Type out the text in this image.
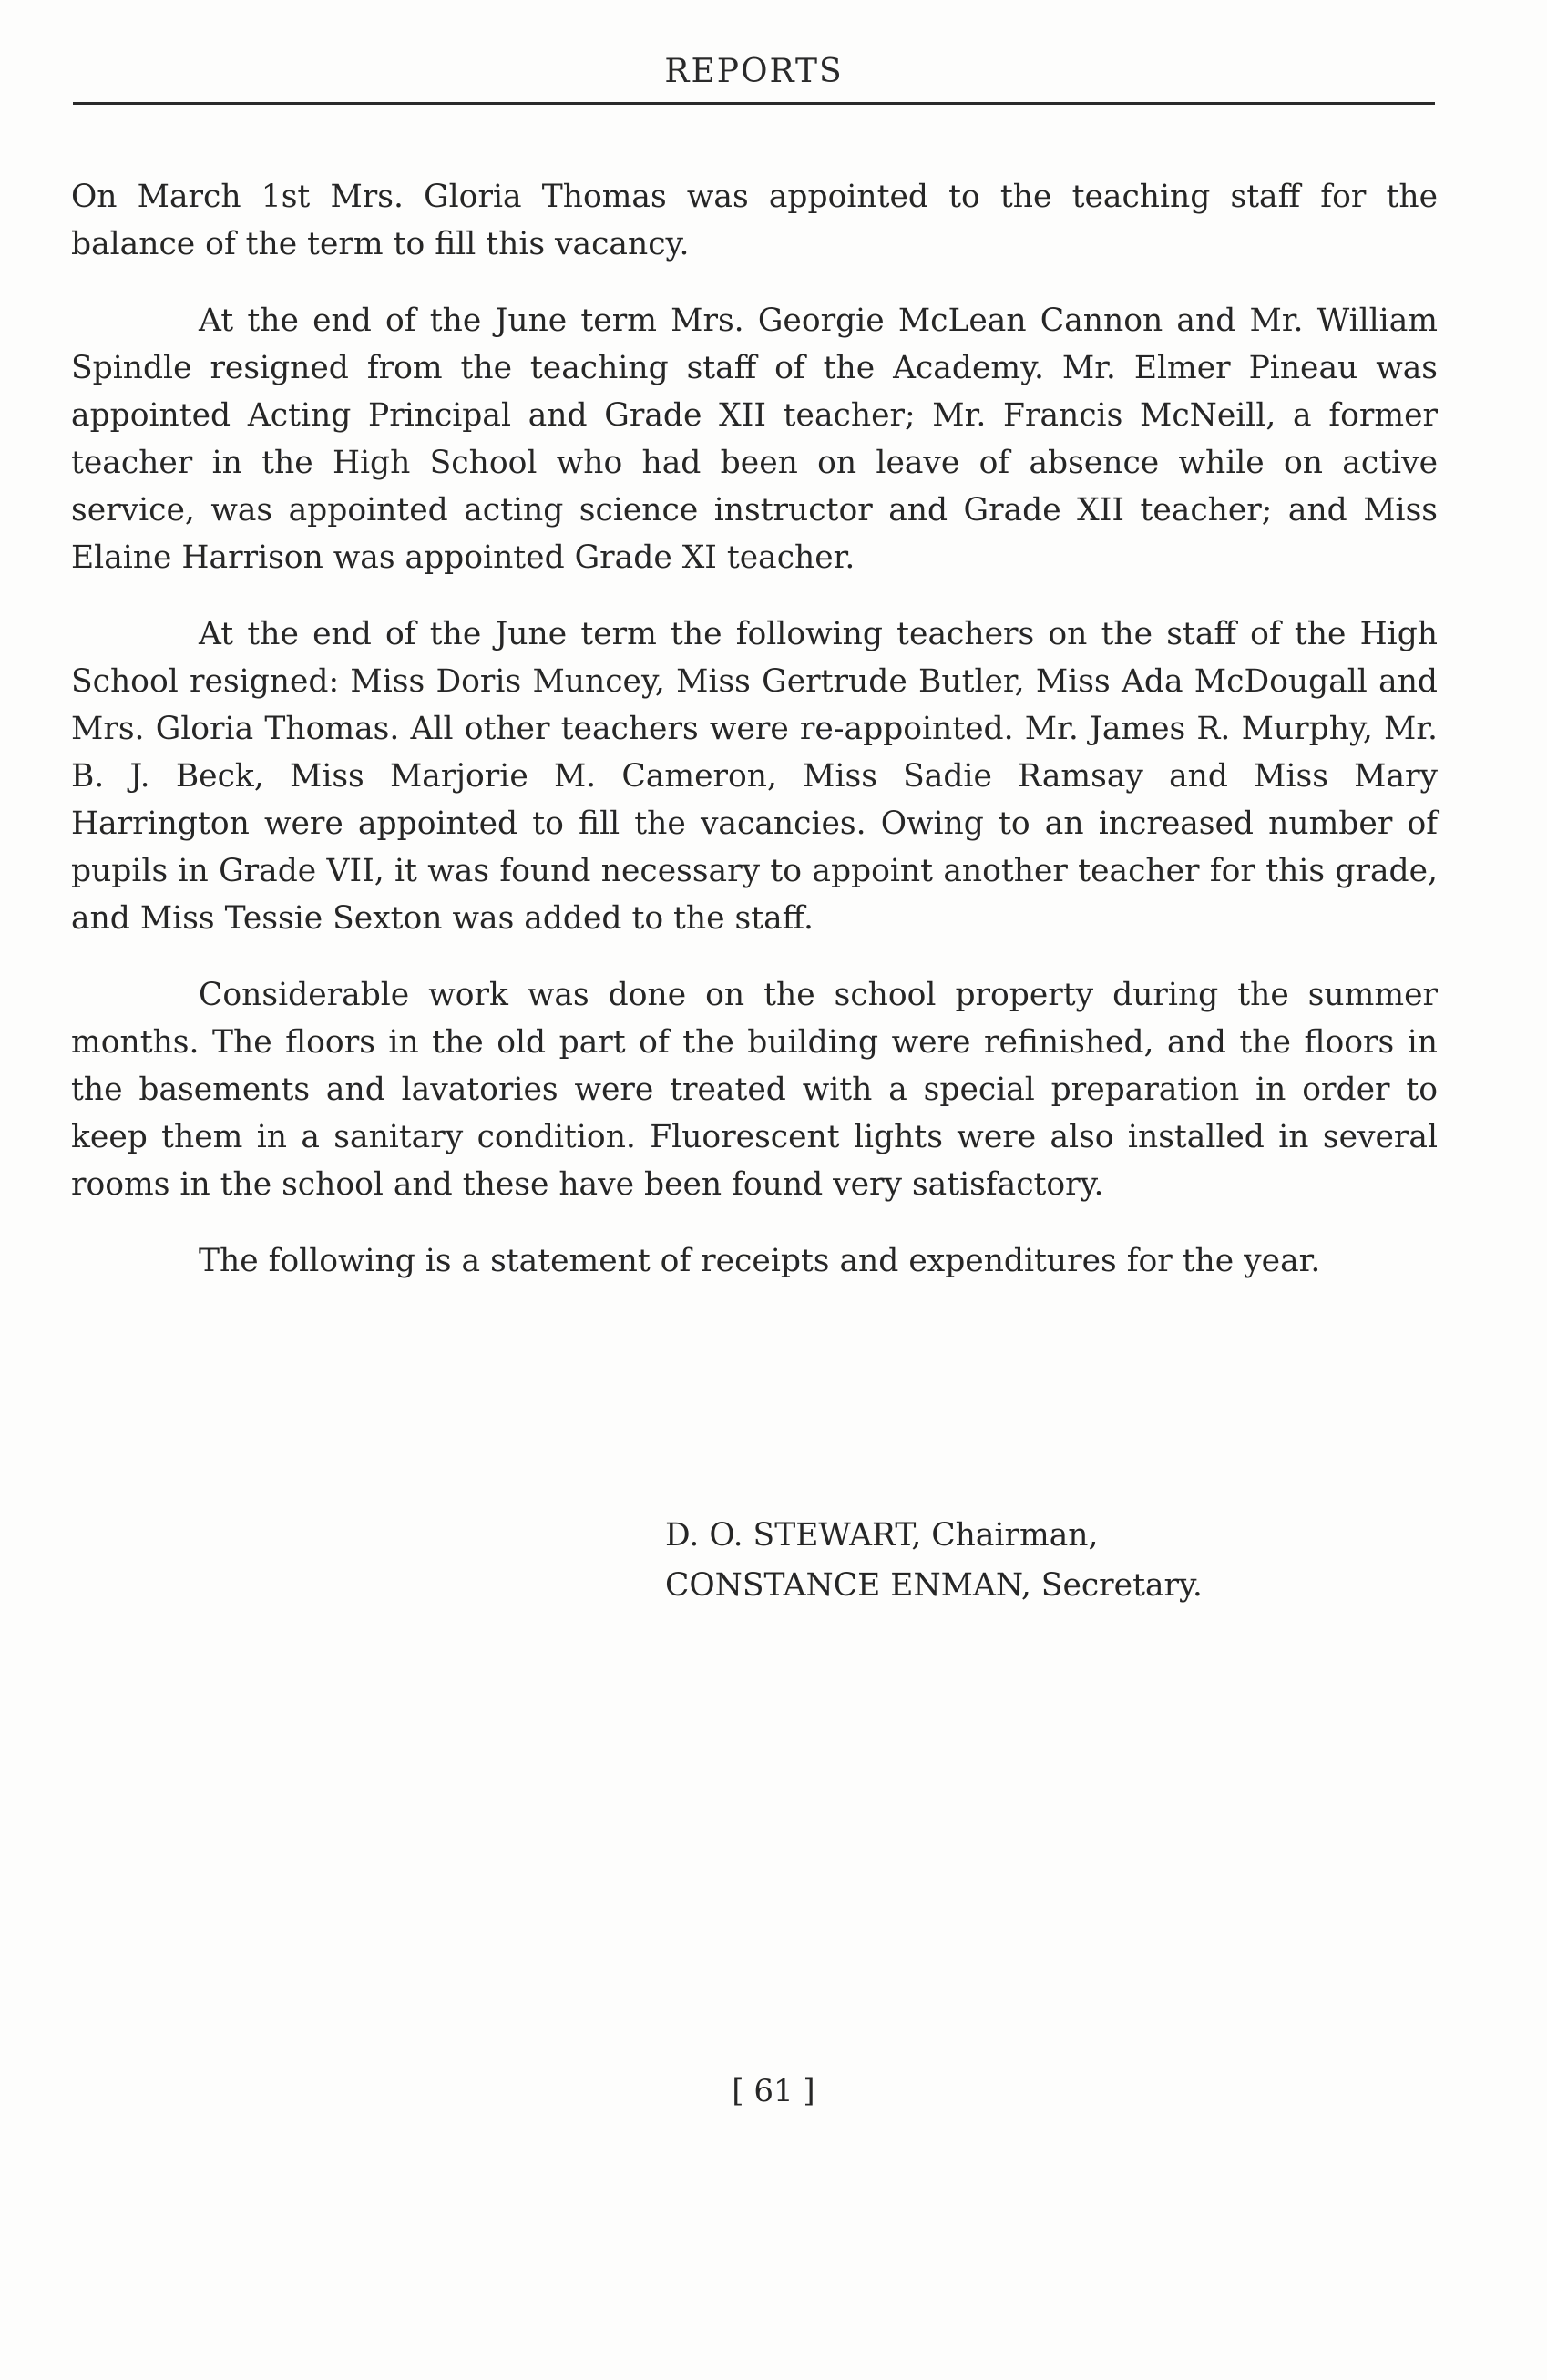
REPORTS

On March 1st Mrs. Gloria Thomas was appointed to the teaching staff for the balance of the term to fill this vacancy.

At the end of the June term Mrs. Georgie McLean Cannon and Mr. William Spindle resigned from the teaching staff of the Academy. Mr. Elmer Pineau was appointed Acting Principal and Grade XII teacher; Mr. Francis McNeill, a former teacher in the High School who had been on leave of absence while on active service, was appointed acting science instructor and Grade XII teacher; and Miss Elaine Harrison was appointed Grade XI teacher.

At the end of the June term the following teachers on the staff of the High School resigned: Miss Doris Muncey, Miss Gertrude Butler, Miss Ada McDougall and Mrs. Gloria Thomas. All other teachers were re-appointed. Mr. James R. Murphy, Mr. B. J. Beck, Miss Marjorie M. Cameron, Miss Sadie Ramsay and Miss Mary Harrington were appointed to fill the vacancies. Owing to an increased number of pupils in Grade VII, it was found necessary to appoint another teacher for this grade, and Miss Tessie Sexton was added to the staff.

Considerable work was done on the school property during the summer months. The floors in the old part of the building were refinished, and the floors in the basements and lavatories were treated with a special preparation in order to keep them in a sanitary condition. Fluorescent lights were also installed in several rooms in the school and these have been found very satisfactory.

The following is a statement of receipts and expenditures for the year.

D. O. STEWART, Chairman,
CONSTANCE ENMAN, Secretary.
[ 61 ]
